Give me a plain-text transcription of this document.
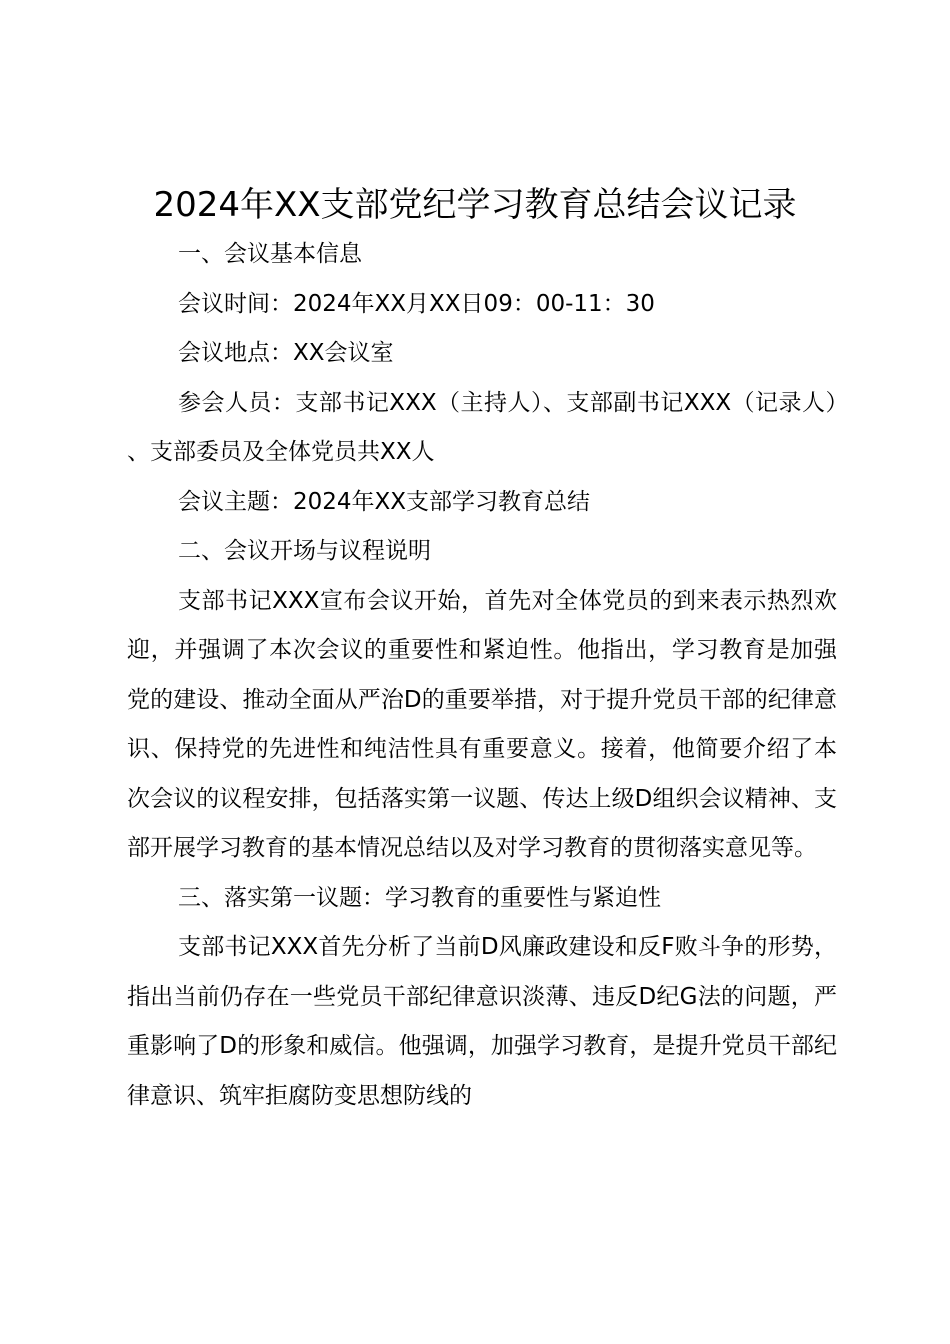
2024年XX支部党纪学习教育总结会议记录

一、会议基本信息

会议时间：2024年XX月XX日09：00-11：30

会议地点：XX会议室

参会人员：支部书记XXX（主持人）、支部副书记XXX（记录人）、支部委员及全体党员共XX人

会议主题：2024年XX支部学习教育总结

二、会议开场与议程说明

支部书记XXX宣布会议开始，首先对全体党员的到来表示热烈欢迎，并强调了本次会议的重要性和紧迫性。他指出，学习教育是加强党的建设、推动全面从严治D的重要举措，对于提升党员干部的纪律意识、保持党的先进性和纯洁性具有重要意义。接着，他简要介绍了本次会议的议程安排，包括落实第一议题、传达上级D组织会议精神、支部开展学习教育的基本情况总结以及对学习教育的贯彻落实意见等。

三、落实第一议题：学习教育的重要性与紧迫性

支部书记XXX首先分析了当前D风廉政建设和反F败斗争的形势，指出当前仍存在一些党员干部纪律意识淡薄、违反D纪G法的问题，严重影响了D的形象和威信。他强调，加强学习教育，是提升党员干部纪律意识、筑牢拒腐防变思想防线的
